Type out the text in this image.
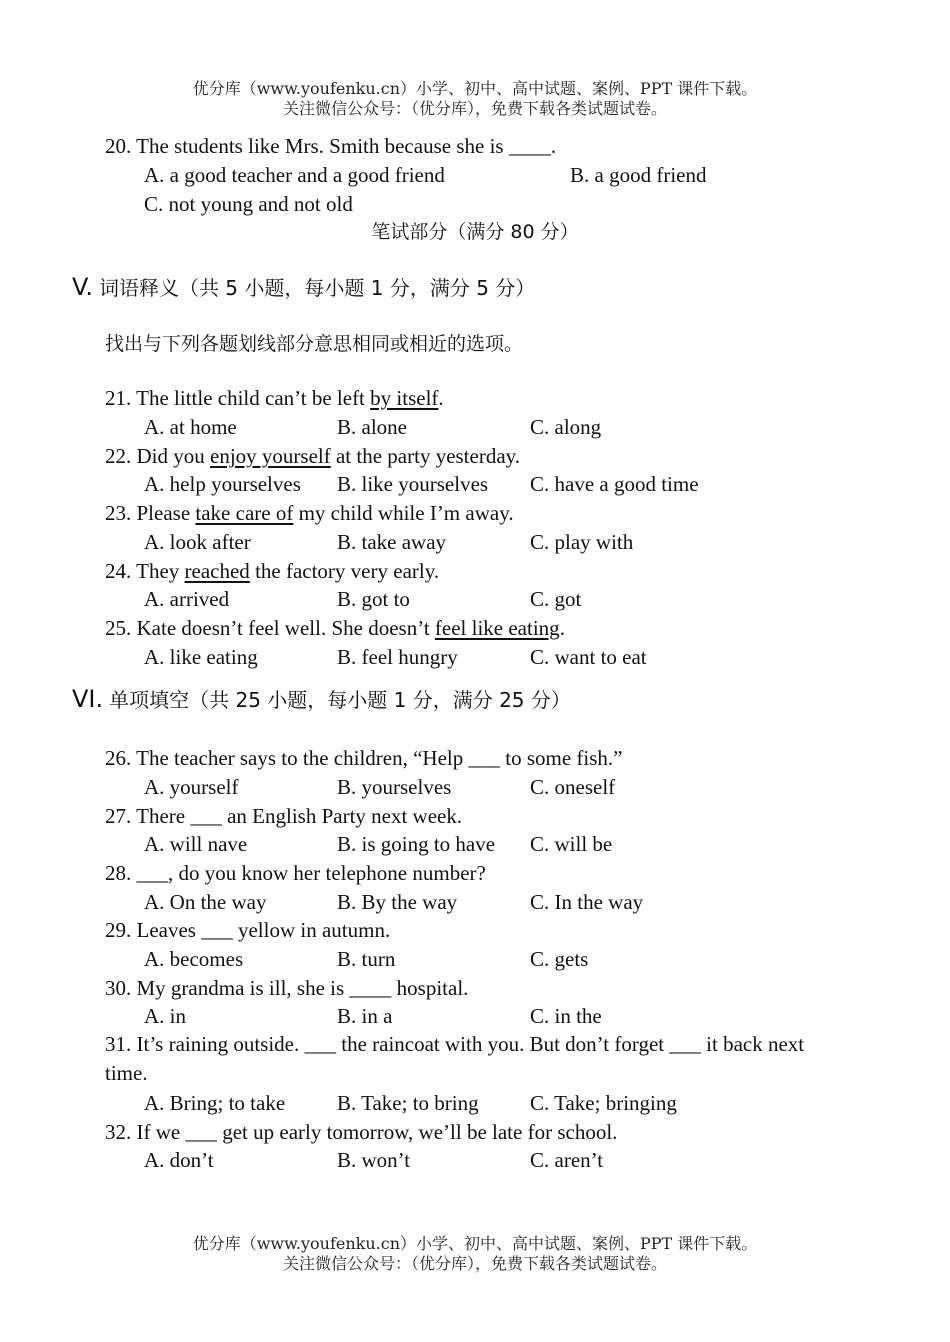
优分库（www.youfenku.cn）小学、初中、高中试题、案例、PPT 课件下载。
关注微信公众号：（优分库），免费下载各类试题试卷。
20. The students like Mrs. Smith because she is ____.
A. a good teacher and a good friend	B. a good friend
C. not young and not old
笔试部分（满分 80 分）
V. 词语释义（共 5 小题，每小题 1 分，满分 5 分）
找出与下列各题划线部分意思相同或相近的选项。
21. The little child can’t be left by itself.
A. at home	B. alone	C. along
22. Did you enjoy yourself at the party yesterday.
A. help yourselves B. like yourselves C. have a good time
23. Please take care of my child while I’m away.
A. look after	B. take away	C. play with
24. They reached the factory very early.
A. arrived	B. got to	C. got
25. Kate doesn’t feel well. She doesn’t feel like eating.
A. like eating	B. feel hungry	C. want to eat
VI. 单项填空（共 25 小题，每小题 1 分，满分 25 分）
26. The teacher says to the children, “Help ___ to some fish.”
A. yourself	B. yourselves	C. oneself
27. There ___ an English Party next week.
A. will nave	B. is going to have C. will be
28. ___, do you know her telephone number?
A. On the way	B. By the way	C. In the way
29. Leaves ___ yellow in autumn.
A. becomes	B. turn	C. gets
30. My grandma is ill, she is ____ hospital.
A. in	B. in a	C. in the
31. It’s raining outside. ___ the raincoat with you. But don’t forget ___ it back next time.
A. Bring; to take B. Take; to bring C. Take; bringing
32. If we ___ get up early tomorrow, we’ll be late for school.
A. don’t	B. won’t	C. aren’t
优分库（www.youfenku.cn）小学、初中、高中试题、案例、PPT 课件下载。
关注微信公众号：（优分库），免费下载各类试题试卷。
